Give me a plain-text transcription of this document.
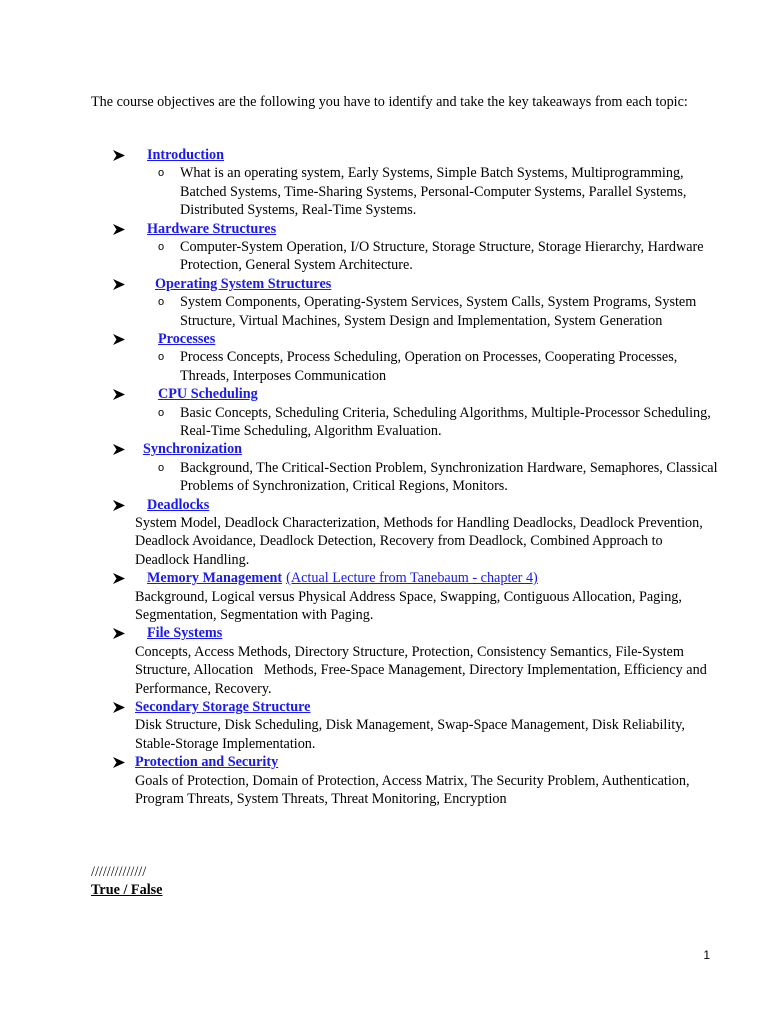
The course objectives are the following you have to identify and take the key takeaways from each topic:
Introduction
o What is an operating system, Early Systems, Simple Batch Systems, Multiprogramming, Batched Systems, Time-Sharing Systems, Personal-Computer Systems, Parallel Systems, Distributed Systems, Real-Time Systems.
Hardware Structures
o Computer-System Operation, I/O Structure, Storage Structure, Storage Hierarchy, Hardware Protection, General System Architecture.
Operating System Structures
o System Components, Operating-System Services, System Calls, System Programs, System Structure, Virtual Machines, System Design and Implementation, System Generation
Processes
o Process Concepts, Process Scheduling, Operation on Processes, Cooperating Processes, Threads, Interposes Communication
CPU Scheduling
o Basic Concepts, Scheduling Criteria, Scheduling Algorithms, Multiple-Processor Scheduling, Real-Time Scheduling, Algorithm Evaluation.
Synchronization
o Background, The Critical-Section Problem, Synchronization Hardware, Semaphores, Classical Problems of Synchronization, Critical Regions, Monitors.
Deadlocks
System Model, Deadlock Characterization, Methods for Handling Deadlocks, Deadlock Prevention, Deadlock Avoidance, Deadlock Detection, Recovery from Deadlock, Combined Approach to Deadlock Handling.
Memory Management (Actual Lecture from Tanebaum - chapter 4)
Background, Logical versus Physical Address Space, Swapping, Contiguous Allocation, Paging, Segmentation, Segmentation with Paging.
File Systems
Concepts, Access Methods, Directory Structure, Protection, Consistency Semantics, File-System Structure, Allocation   Methods, Free-Space Management, Directory Implementation, Efficiency and Performance, Recovery.
Secondary Storage Structure
Disk Structure, Disk Scheduling, Disk Management, Swap-Space Management, Disk Reliability, Stable-Storage Implementation.
Protection and Security
Goals of Protection, Domain of Protection, Access Matrix, The Security Problem, Authentication, Program Threats, System Threats, Threat Monitoring, Encryption
//////////////
True / False
1
